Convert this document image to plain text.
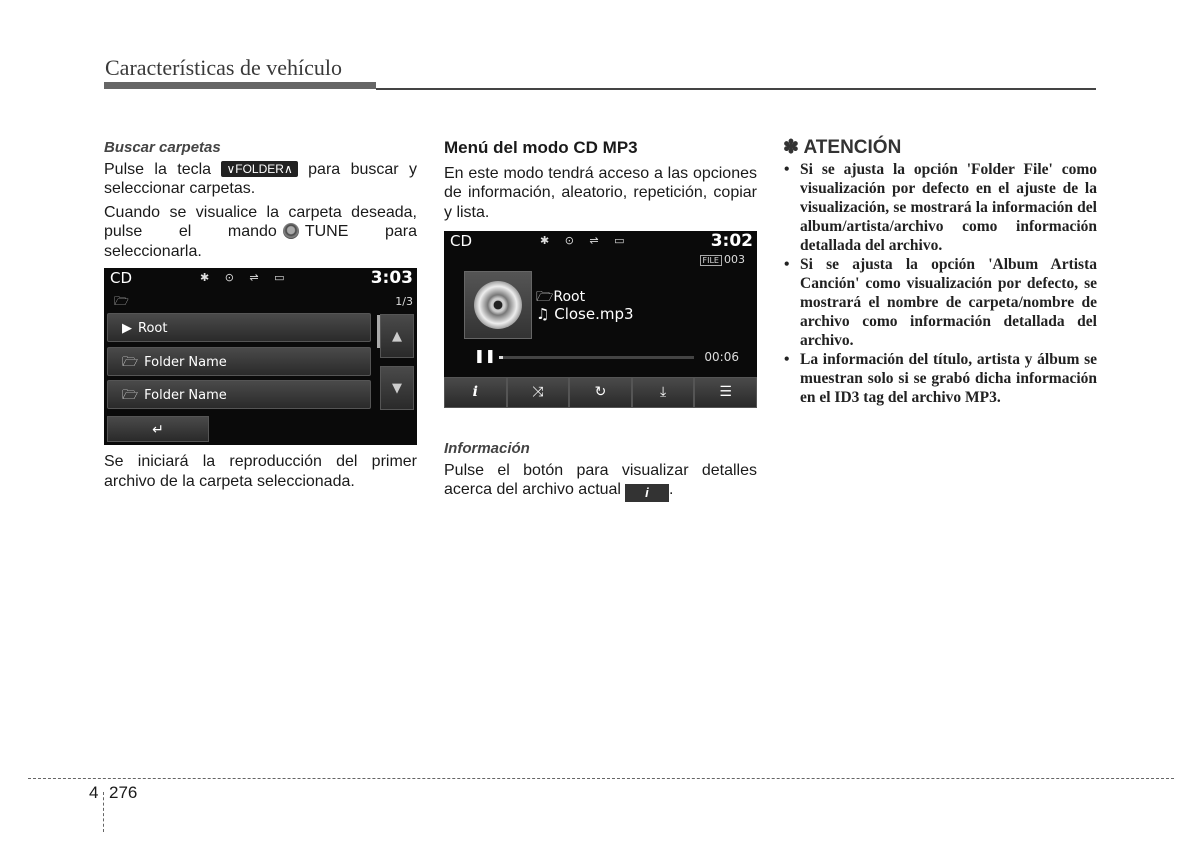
Características de vehículo
Buscar carpetas

Pulse la tecla ∨FOLDER∧ para buscar y seleccionar carpetas.

Cuando se visualice la carpeta deseada, pulse el mando TUNE para seleccionarla.

CD	✱ ⊙ ⇌ ▭	3:03
🗁	1/3
▶ Root
🗁 Folder Name
🗁 Folder Name
▲
▼
↵

Se iniciará la reproducción del primer archivo de la carpeta seleccionada.

Menú del modo CD MP3

En este modo tendrá acceso a las opciones de información, aleatorio, repetición, copiar y lista.

CD	✱ ⊙ ⇌ ▭	3:02
FILE 003
🗁Root
♫ Close.mp3
❚❚	00:06
i	⤨	↻	⤓	☰
Información

Pulse el botón para visualizar detalles acerca del archivo actual i .

✽ ATENCIÓN
• Si se ajusta la opción 'Folder File' como visualización por defecto en el ajuste de la visualización, se mostrará la información del album/artista/archivo como información detallada del archivo.
• Si se ajusta la opción 'Album Artista Canción' como visualización por defecto, se mostrará el nombre de carpeta/nombre de archivo como información detallada del archivo.
• La información del título, artista y álbum se muestran solo si se grabó dicha información en el ID3 tag del archivo MP3.
4 276
